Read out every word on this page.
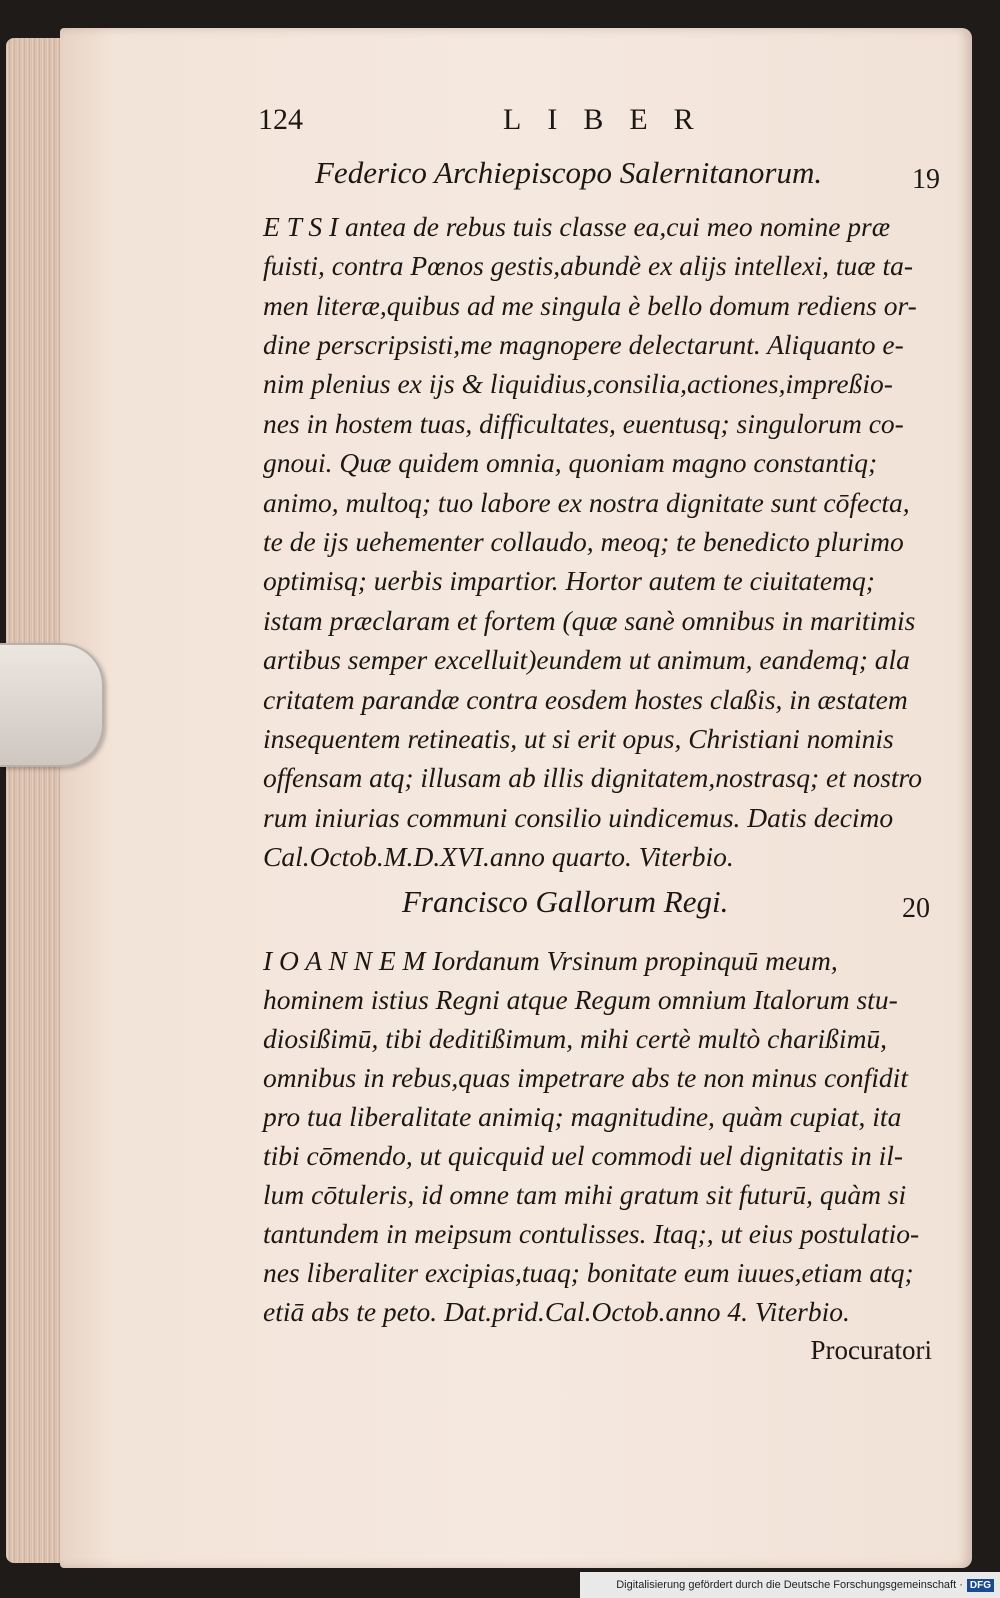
124	LIBER
Federico Archiepiscopo Salernitanorum.	19
E T S I antea de rebus tuis classe ea,cui meo nomine præ
fuisti, contra Pœnos gestis,abundè ex alijs intellexi, tuæ ta-
men literæ,quibus ad me singula è bello domum rediens or-
dine perscripsisti,me magnopere delectarunt. Aliquanto e-
nim plenius ex ijs & liquidius,consilia,actiones,impreßio-
nes in hostem tuas, difficultates, euentusq; singulorum co-
gnoui. Quæ quidem omnia, quoniam magno constantiq;
animo, multoq; tuo labore ex nostra dignitate sunt cōfecta,
te de ijs uehementer collaudo, meoq; te benedicto plurimo
optimisq; uerbis impartior. Hortor autem te ciuitatemq;
istam præclaram et fortem (quæ sanè omnibus in maritimis
artibus semper excelluit)eundem ut animum, eandemq; ala
critatem parandæ contra eosdem hostes claßis, in æstatem
insequentem retineatis, ut si erit opus, Christiani nominis
offensam atq; illusam ab illis dignitatem,nostrasq; et nostro
rum iniurias communi consilio uindicemus. Datis decimo
Cal.Octob.M.D.XVI.anno quarto. Viterbio.
Francisco Gallorum Regi.	20
I O A N N E M Iordanum Vrsinum propinquū meum,
hominem istius Regni atque Regum omnium Italorum stu-
diosißimū, tibi deditißimum, mihi certè multò charißimū,
omnibus in rebus,quas impetrare abs te non minus confidit
pro tua liberalitate animiq; magnitudine, quàm cupiat, ita
tibi cōmendo, ut quicquid uel commodi uel dignitatis in il-
lum cōtuleris, id omne tam mihi gratum sit futurū, quàm si
tantundem in meipsum contulisses. Itaq;, ut eius postulatio-
nes liberaliter excipias,tuaq; bonitate eum iuues,etiam atq;
etiā abs te peto. Dat.prid.Cal.Octob.anno 4. Viterbio.
Procuratori
Digitalisierung gefördert durch die Deutsche Forschungsgemeinschaft · DFG
